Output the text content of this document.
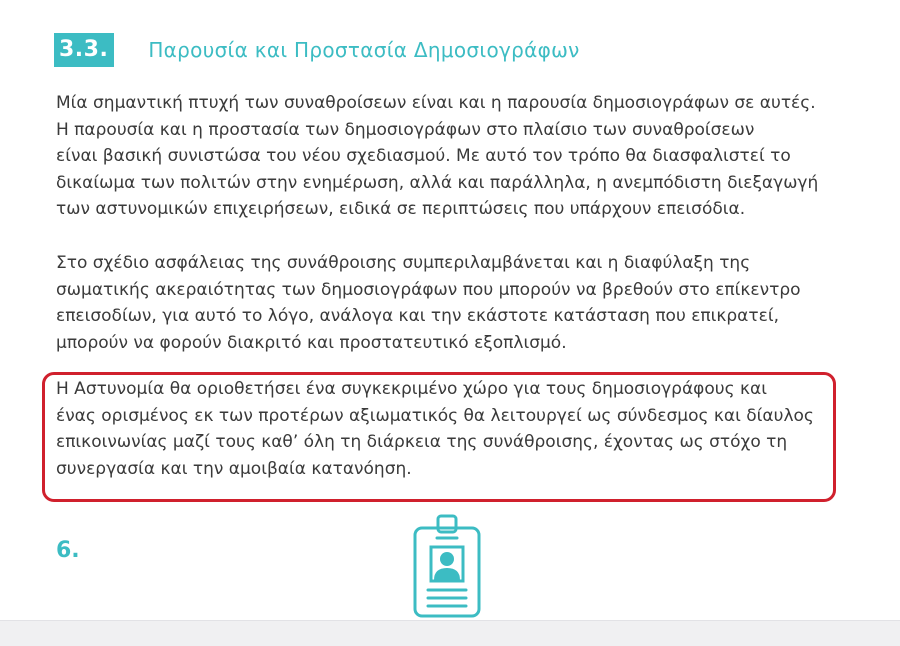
3.3.	Παρουσία και Προστασία Δημοσιογράφων

Μία σημαντική πτυχή των συναθροίσεων είναι και η παρουσία δημοσιογράφων σε αυτές.
Η παρουσία και η προστασία των δημοσιογράφων στο πλαίσιο των συναθροίσεων
είναι βασική συνιστώσα του νέου σχεδιασμού. Με αυτό τον τρόπο θα διασφαλιστεί το
δικαίωμα των πολιτών στην ενημέρωση, αλλά και παράλληλα, η ανεμπόδιστη διεξαγωγή
των αστυνομικών επιχειρήσεων, ειδικά σε περιπτώσεις που υπάρχουν επεισόδια.

Στο σχέδιο ασφάλειας της συνάθροισης συμπεριλαμβάνεται και η διαφύλαξη της
σωματικής ακεραιότητας των δημοσιογράφων που μπορούν να βρεθούν στο επίκεντρο
επεισοδίων, για αυτό το λόγο, ανάλογα και την εκάστοτε κατάσταση που επικρατεί,
μπορούν να φορούν διακριτό και προστατευτικό εξοπλισμό.

Η Αστυνομία θα οριοθετήσει ένα συγκεκριμένο χώρο για τους δημοσιογράφους και
ένας ορισμένος εκ των προτέρων αξιωματικός θα λειτουργεί ως σύνδεσμος και δίαυλος
επικοινωνίας μαζί τους καθ’ όλη τη διάρκεια της συνάθροισης, έχοντας ως στόχο τη
συνεργασία και την αμοιβαία κατανόηση.

6.
